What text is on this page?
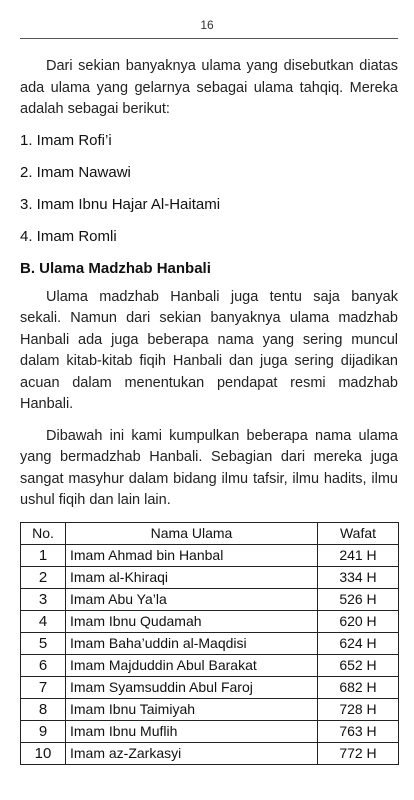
16

Dari sekian banyaknya ulama yang disebutkan diatas ada ulama yang gelarnya sebagai ulama tahqiq. Mereka adalah sebagai berikut:

1. Imam Rofi’i
2. Imam Nawawi
3. Imam Ibnu Hajar Al-Haitami
4. Imam Romli
B. Ulama Madzhab Hanbali

Ulama madzhab Hanbali juga tentu saja banyak sekali. Namun dari sekian banyaknya ulama madzhab Hanbali ada juga beberapa nama yang sering muncul dalam kitab-kitab fiqih Hanbali dan juga sering dijadikan acuan dalam menentukan pendapat resmi madzhab Hanbali.

Dibawah ini kami kumpulkan beberapa nama ulama yang bermadzhab Hanbali. Sebagian dari mereka juga sangat masyhur dalam bidang ilmu tafsir, ilmu hadits, ilmu ushul fiqih dan lain lain.

No.	Nama Ulama	Wafat
1	Imam Ahmad bin Hanbal	241 H
2	Imam al-Khiraqi	334 H
3	Imam Abu Ya’la	526 H
4	Imam Ibnu Qudamah	620 H
5	Imam Baha’uddin al-Maqdisi	624 H
6	Imam Majduddin Abul Barakat	652 H
7	Imam Syamsuddin Abul Faroj	682 H
8	Imam Ibnu Taimiyah	728 H
9	Imam Ibnu Muflih	763 H
10	Imam az-Zarkasyi	772 H
